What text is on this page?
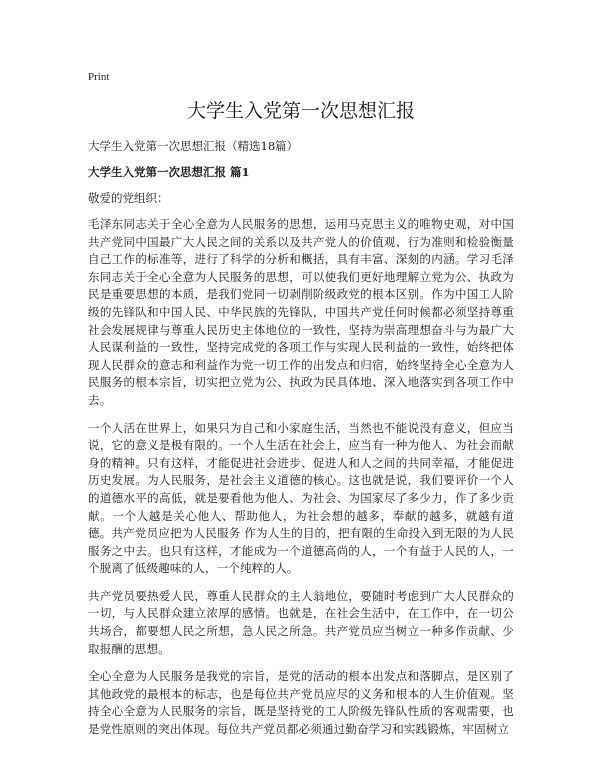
Print
大学生入党第一次思想汇报

大学生入党第一次思想汇报（精选18篇）

大学生入党第一次思想汇报 篇1

敬爱的党组织：

毛泽东同志关于全心全意为人民服务的思想，运用马克思主义的唯物史观，对中国共产党同中国最广大人民之间的关系以及共产党人的价值观、行为准则和检验衡量自己工作的标准等，进行了科学的分析和概括，具有丰富、深刻的内涵。学习毛泽东同志关于全心全意为人民服务的思想，可以使我们更好地理解立党为公、执政为民是重要思想的本质，是我们党同一切剥削阶级政党的根本区别。作为中国工人阶级的先锋队和中国人民、中华民族的先锋队，中国共产党任何时候都必须坚持尊重社会发展规律与尊重人民历史主体地位的一致性，坚持为崇高理想奋斗与为最广大人民谋利益的一致性，坚持完成党的各项工作与实现人民利益的一致性，始终把体现人民群众的意志和利益作为党一切工作的出发点和归宿，始终坚持全心全意为人民服务的根本宗旨，切实把立党为公、执政为民具体地、深入地落实到各项工作中去。

一个人活在世界上，如果只为自己和小家庭生活，当然也不能说没有意义，但应当说，它的意义是极有限的。一个人生活在社会上，应当有一种为他人、为社会而献身的精神。只有这样，才能促进社会进步、促进人和人之间的共同幸福，才能促进历史发展。为人民服务，是社会主义道德的核心。这也就是说，我们要评价一个人的道德水平的高低，就是要看他为他人、为社会、为国家尽了多少力，作了多少贡献。一个人越是关心他人、帮助他人，为社会想的越多，奉献的越多，就越有道德。共产党员应把为人民服务 作为人生的目的，把有限的生命投入到无限的为人民服务之中去。也只有这样，才能成为一个道德高尚的人，一个有益于人民的人，一个脱离了低级趣味的人，一个纯粹的人。

共产党员要热爱人民，尊重人民群众的主人翁地位，要随时考虑到广大人民群众的一切，与人民群众建立浓厚的感情。也就是，在社会生活中，在工作中，在一切公共场合，都要想人民之所想，急人民之所急。共产党员应当树立一种多作贡献、少取报酬的思想。

全心全意为人民服务是我党的宗旨，是党的活动的根本出发点和落脚点，是区别了其他政党的最根本的标志，也是每位共产党员应尽的义务和根本的人生价值观。坚持全心全意为人民服务的宗旨，既是坚持党的工人阶级先锋队性质的客观需要，也是党性原则的突出体现。每位共产党员都必须通过勤奋学习和实践锻炼，牢固树立
